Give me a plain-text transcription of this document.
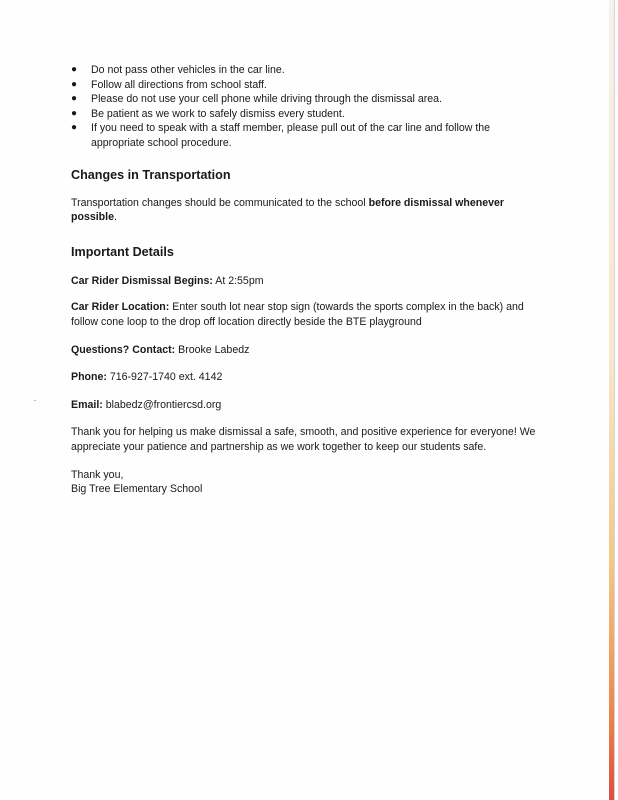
● Do not pass other vehicles in the car line.
● Follow all directions from school staff.
● Please do not use your cell phone while driving through the dismissal area.
● Be patient as we work to safely dismiss every student.
● If you need to speak with a staff member, please pull out of the car line and follow the appropriate school procedure.
Changes in Transportation

Transportation changes should be communicated to the school before dismissal whenever possible.

Important Details

Car Rider Dismissal Begins: At 2:55pm

Car Rider Location: Enter south lot near stop sign (towards the sports complex in the back) and follow cone loop to the drop off location directly beside the BTE playground

Questions? Contact: Brooke Labedz

Phone: 716-927-1740 ext. 4142

Email: blabedz@frontiercsd.org

Thank you for helping us make dismissal a safe, smooth, and positive experience for everyone! We appreciate your patience and partnership as we work together to keep our students safe.

Thank you,

Big Tree Elementary School
